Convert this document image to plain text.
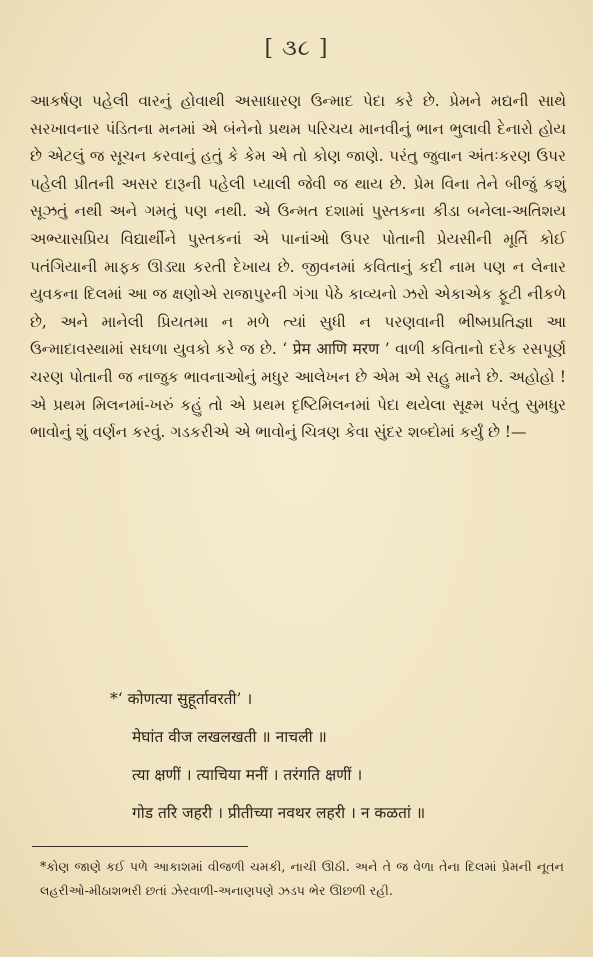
[ ૩૮ ]

આકર્ષણ પહેલી વારનું હોવાથી અસાધારણ ઉન્માદ પેદા કરે છે. પ્રેમને મદ્યની સાથે સરખાવનાર પંડિતના મનમાં એ બંનેનો પ્રથમ પરિચય માનવીનું ભાન ભુલાવી દેનારો હોય છે એટલું જ સૂચન કરવાનું હતું કે કેમ એ તો કોણ જાણે. પરંતુ જુવાન અંતઃકરણ ઉપર પહેલી પ્રીતની અસર દારૂની પહેલી પ્યાલી જેવી જ થાય છે. પ્રેમ વિના તેને બીજું કશું સૂઝતું નથી અને ગમતું પણ નથી. એ ઉન્મત દશામાં પુસ્તકના કીડા બનેલા-અતિશય અભ્યાસપ્રિય વિદ્યાર્થીને પુસ્તકનાં એ પાનાંઓ ઉપર પોતાની પ્રેયસીની મૂર્તિ કોઈ પતંગિયાની માફક ઊડ્યા કરતી દેખાય છે. જીવનમાં કવિતાનું કદી નામ પણ ન લેનાર યુવકના દિલમાં આ જ ક્ષણોએ રાજાપુરની ગંગા પેઠે કાવ્યનો ઝરો એકાએક ફૂટી નીકળે છે, અને માનેલી પ્રિયતમા ન મળે ત્યાં સુધી ન પરણવાની ભીષ્મપ્રતિજ્ઞા આ ઉન્માદાવસ્થામાં સઘળા યુવકો કરે જ છે. ‘ प्रेम आणि मरण ’ વાળી કવિતાનો દરેક રસપૂર્ણ ચરણ પોતાની જ નાજુક ભાવનાઓનું મધુર આલેખન છે એમ એ સહુ માને છે. અહોહો ! એ પ્રથમ મિલનમાં-ખરું કહું તો એ પ્રથમ દૃષ્ટિમિલનમાં પેદા થયેલા સૂક્ષ્મ પરંતુ સુમધુર ભાવોનું શું વર્ણન કરવું. ગડકરીએ એ ભાવોનું ચિત્રણ કેવા સુંદર શબ્દોમાં કર્યું છે !—

*‘ कोणत्या सुहूर्तावरती’ ।
मेघांत वीज लखलखती ॥ नाचली ॥
त्या क्षणीं । त्याचिया मनीं । तरंगति क्षणीं ।
गोड तरि जहरी । प्रीतीच्या नवथर लहरी । न कळतां ॥

*કોણ જાણે કઈ પળે આકાશમાં વીજળી ચમકી, નાચી ઊઠી. અને તે જ વેળા તેના દિલમાં પ્રેમની નૂતન લહરીઓ-મીઠાશભરી છતાં ઝેરવાળી-અનાણપણે ઝડપ ભેર ઊછળી રહી.
